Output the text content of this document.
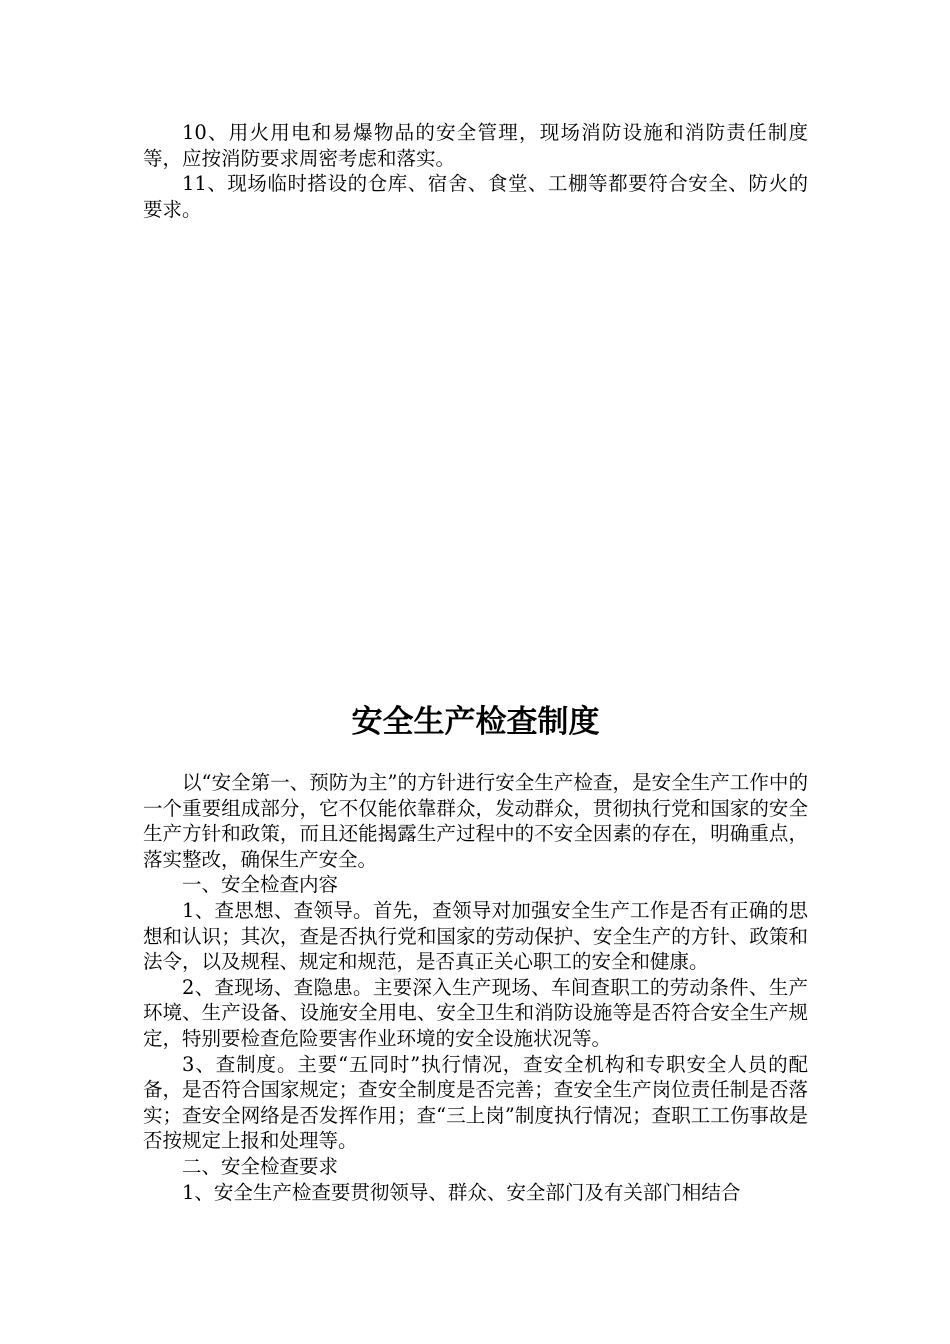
10、用火用电和易爆物品的安全管理，现场消防设施和消防责任制度等，应按消防要求周密考虑和落实。

11、现场临时搭设的仓库、宿舍、食堂、工棚等都要符合安全、防火的要求。

安全生产检查制度

以“安全第一、预防为主”的方针进行安全生产检查，是安全生产工作中的一个重要组成部分，它不仅能依靠群众，发动群众，贯彻执行党和国家的安全生产方针和政策，而且还能揭露生产过程中的不安全因素的存在，明确重点，落实整改，确保生产安全。

一、安全检查内容

1、查思想、查领导。首先，查领导对加强安全生产工作是否有正确的思想和认识；其次，查是否执行党和国家的劳动保护、安全生产的方针、政策和法令，以及规程、规定和规范，是否真正关心职工的安全和健康。

2、查现场、查隐患。主要深入生产现场、车间查职工的劳动条件、生产环境、生产设备、设施安全用电、安全卫生和消防设施等是否符合安全生产规定，特别要检查危险要害作业环境的安全设施状况等。

3、查制度。主要“五同时”执行情况，查安全机构和专职安全人员的配备，是否符合国家规定；查安全制度是否完善；查安全生产岗位责任制是否落实；查安全网络是否发挥作用；查“三上岗”制度执行情况；查职工工伤事故是否按规定上报和处理等。

二、安全检查要求

1、安全生产检查要贯彻领导、群众、安全部门及有关部门相结合
